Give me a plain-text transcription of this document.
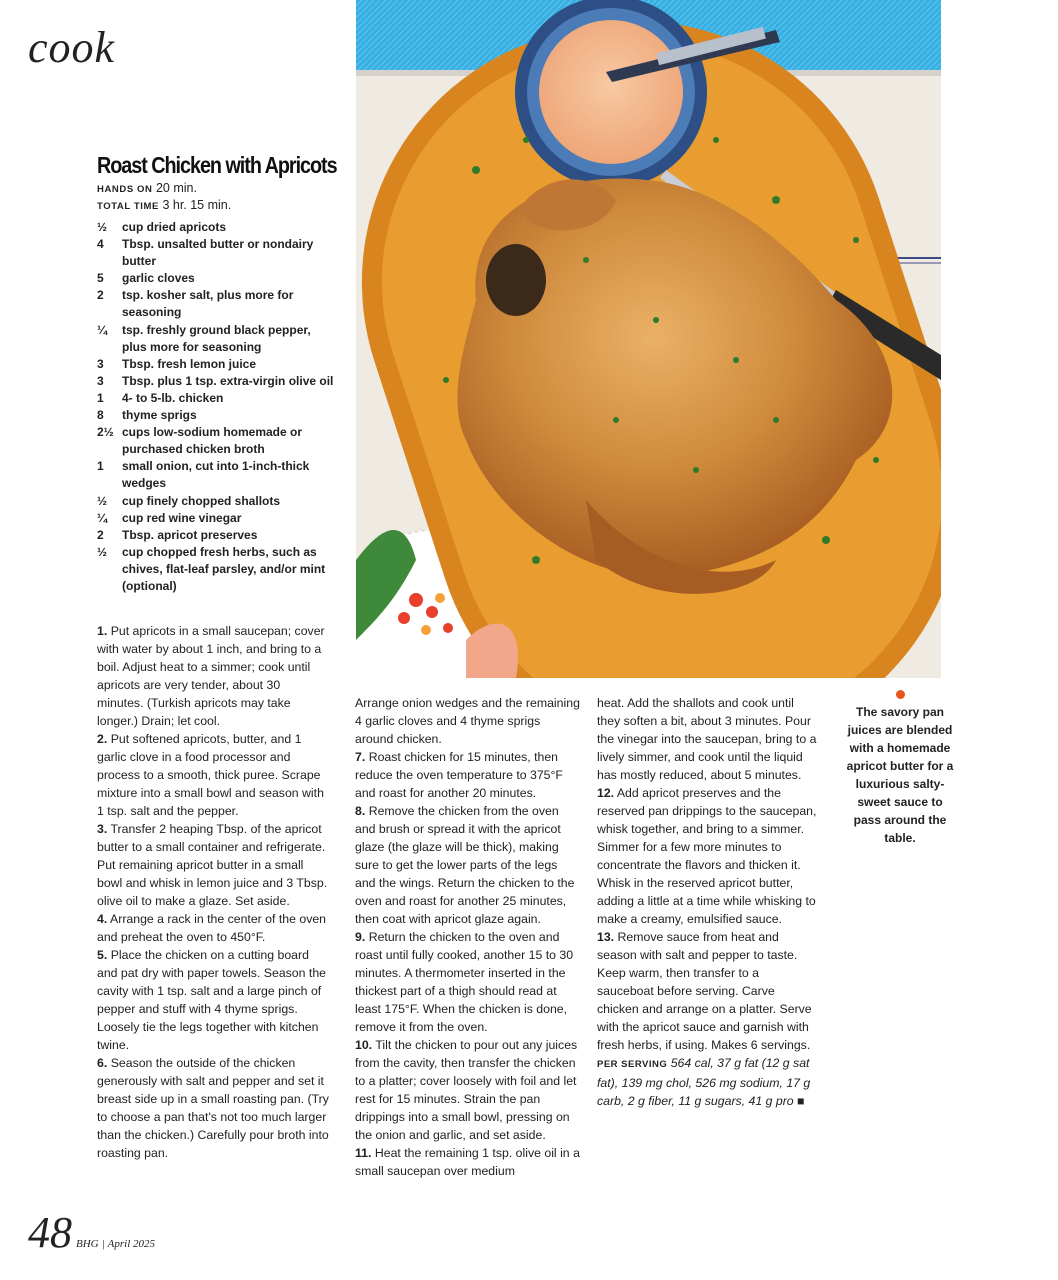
cook
Roast Chicken with Apricots
HANDS ON 20 min.
TOTAL TIME 3 hr. 15 min.
½	cup dried apricots
4	Tbsp. unsalted butter or nondairy butter
5	garlic cloves
2	tsp. kosher salt, plus more for seasoning
¼	tsp. freshly ground black pepper, plus more for seasoning
3	Tbsp. fresh lemon juice
3	Tbsp. plus 1 tsp. extra-virgin olive oil
1	4- to 5-lb. chicken
8	thyme sprigs
2½ cups low-sodium homemade or purchased chicken broth
1	small onion, cut into 1-inch-thick wedges
½	cup finely chopped shallots
¼	cup red wine vinegar
2	Tbsp. apricot preserves
½	cup chopped fresh herbs, such as chives, flat-leaf parsley, and/or mint (optional)

1. Put apricots in a small saucepan; cover with water by about 1 inch, and bring to a boil. Adjust heat to a simmer; cook until apricots are very tender, about 30 minutes. (Turkish apricots may take longer.) Drain; let cool.

2. Put softened apricots, butter, and 1 garlic clove in a food processor and process to a smooth, thick puree. Scrape mixture into a small bowl and season with 1 tsp. salt and the pepper.

3. Transfer 2 heaping Tbsp. of the apricot butter to a small container and refrigerate. Put remaining apricot butter in a small bowl and whisk in lemon juice and 3 Tbsp. olive oil to make a glaze. Set aside.

4. Arrange a rack in the center of the oven and preheat the oven to 450°F.

5. Place the chicken on a cutting board and pat dry with paper towels. Season the cavity with 1 tsp. salt and a large pinch of pepper and stuff with 4 thyme sprigs. Loosely tie the legs together with kitchen twine.

6. Season the outside of the chicken generously with salt and pepper and set it breast side up in a small roasting pan. (Try to choose a pan that's not too much larger than the chicken.) Carefully pour broth into roasting pan.

Arrange onion wedges and the remaining 4 garlic cloves and 4 thyme sprigs around chicken.

7. Roast chicken for 15 minutes, then reduce the oven temperature to 375°F and roast for another 20 minutes.

8. Remove the chicken from the oven and brush or spread it with the apricot glaze (the glaze will be thick), making sure to get the lower parts of the legs and the wings. Return the chicken to the oven and roast for another 25 minutes, then coat with apricot glaze again.

9. Return the chicken to the oven and roast until fully cooked, another 15 to 30 minutes. A thermometer inserted in the thickest part of a thigh should read at least 175°F. When the chicken is done, remove it from the oven.

10. Tilt the chicken to pour out any juices from the cavity, then transfer the chicken to a platter; cover loosely with foil and let rest for 15 minutes. Strain the pan drippings into a small bowl, pressing on the onion and garlic, and set aside.

11. Heat the remaining 1 tsp. olive oil in a small saucepan over medium

heat. Add the shallots and cook until they soften a bit, about 3 minutes. Pour the vinegar into the saucepan, bring to a lively simmer, and cook until the liquid has mostly reduced, about 5 minutes.

12. Add apricot preserves and the reserved pan drippings to the saucepan, whisk together, and bring to a simmer. Simmer for a few more minutes to concentrate the flavors and thicken it. Whisk in the reserved apricot butter, adding a little at a time while whisking to make a creamy, emulsified sauce.

13. Remove sauce from heat and season with salt and pepper to taste. Keep warm, then transfer to a sauceboat before serving. Carve chicken and arrange on a platter. Serve with the apricot sauce and garnish with fresh herbs, if using. Makes 6 servings.

PER SERVING 564 cal, 37 g fat (12 g sat fat), 139 mg chol, 526 mg sodium, 17 g carb, 2 g fiber, 11 g sugars, 41 g pro ■

The savory pan juices are blended with a homemade apricot butter for a luxurious salty-sweet sauce to pass around the table.
48 BHG | April 2025
